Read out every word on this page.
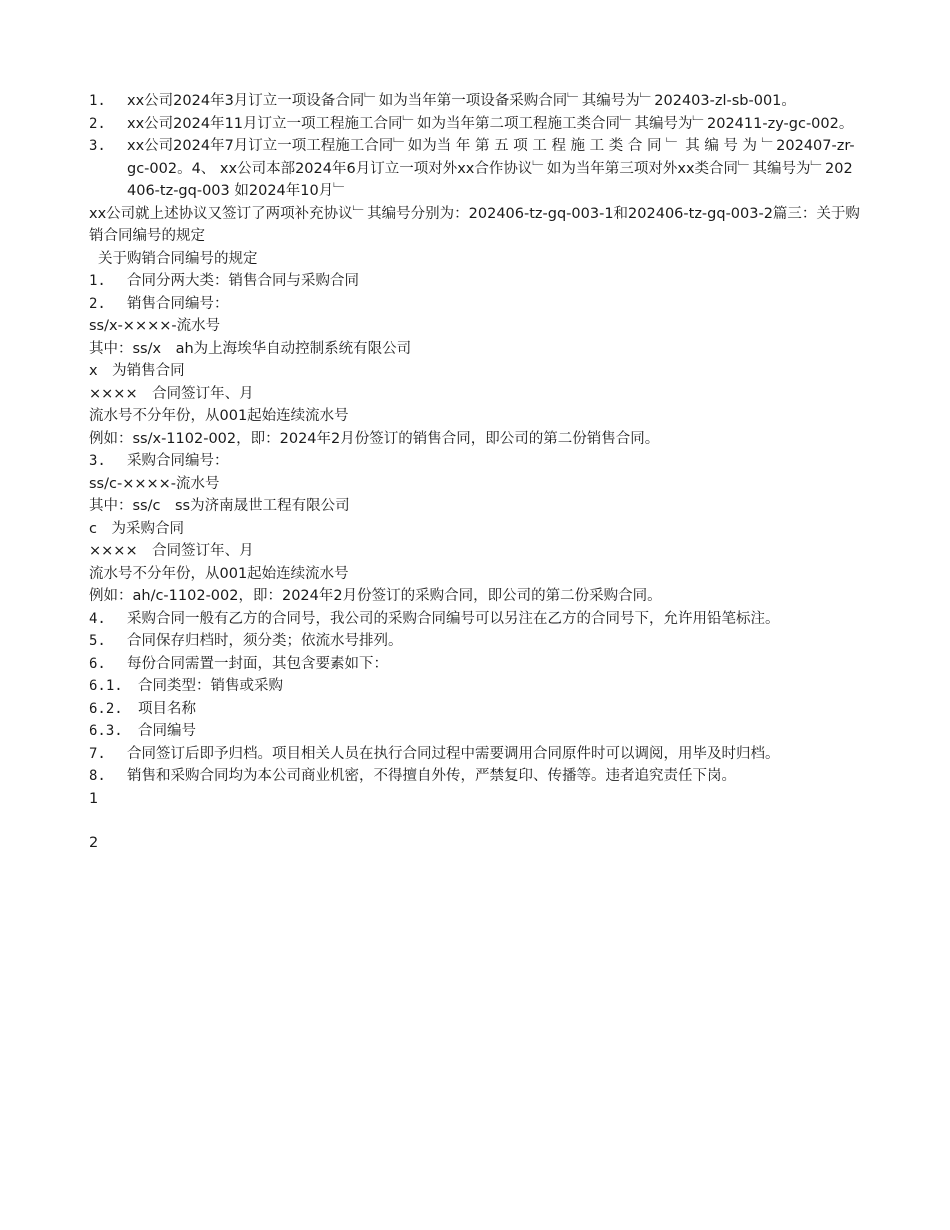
1.	xx公司2024年3月订立一项设备合同﹂如为当年第一项设备采购合同﹂其编号为﹂202403-zl-sb-001。
2.	xx公司2024年11月订立一项工程施工合同﹂如为当年第二项工程施工类合同﹂其编号为﹂202411-zy-gc-002。
3.	xx公司2024年7月订立一项工程施工合同﹂如为当 年 第 五 项 工 程 施 工 类 合 同 ﹂ 其 编 号 为 ﹂202407-zr-gc-002。4、 xx公司本部2024年6月订立一项对外xx合作协议﹂如为当年第三项对外xx类合同﹂其编号为﹂202406-tz-gq-003 如2024年10月﹂

xx公司就上述协议又签订了两项补充协议﹂其编号分别为：202406-tz-gq-003-1和202406-tz-gq-003-2篇三：关于购销合同编号的规定

关于购销合同编号的规定

1.	合同分两大类：销售合同与采购合同
2.	销售合同编号：

ss/x-××××-流水号

其中：ss/x　ah为上海埃华自动控制系统有限公司

x　为销售合同

××××　合同签订年、月

流水号不分年份，从001起始连续流水号

例如：ss/x-1102-002，即：2024年2月份签订的销售合同，即公司的第二份销售合同。

3.	采购合同编号：

ss/c-××××-流水号

其中：ss/c　ss为济南晟世工程有限公司

c　为采购合同

××××　合同签订年、月

流水号不分年份，从001起始连续流水号

例如：ah/c-1102-002，即：2024年2月份签订的采购合同，即公司的第二份采购合同。

4.	采购合同一般有乙方的合同号，我公司的采购合同编号可以另注在乙方的合同号下，允许用铅笔标注。
5.	合同保存归档时，须分类；依流水号排列。
6.	每份合同需置一封面，其包含要素如下：
6.1.	合同类型：销售或采购
6.2.	项目名称
6.3.	合同编号
7.	合同签订后即予归档。项目相关人员在执行合同过程中需要调用合同原件时可以调阅，用毕及时归档。
8.	销售和采购合同均为本公司商业机密，不得擅自外传，严禁复印、传播等。违者追究责任下岗。

1

2
